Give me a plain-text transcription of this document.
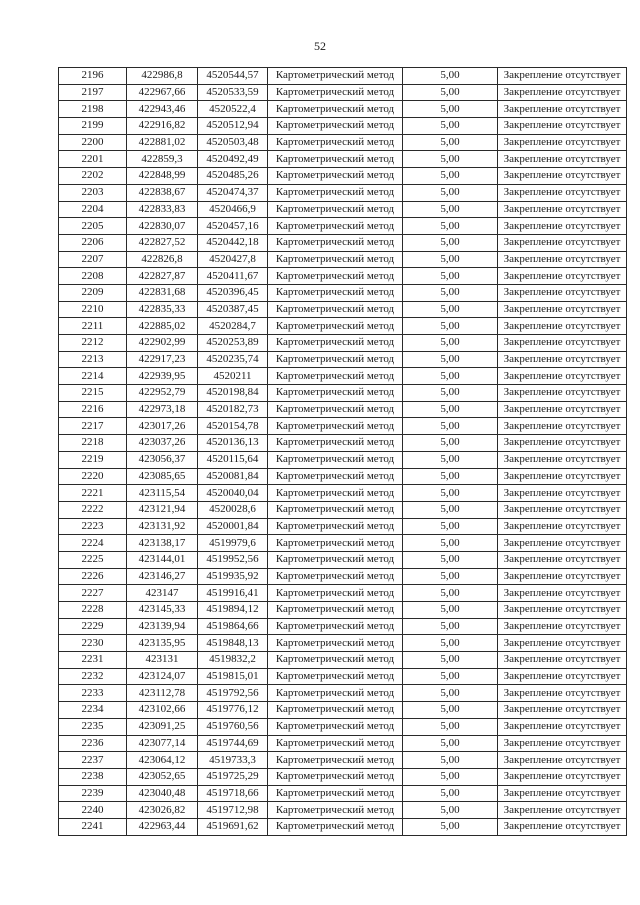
52
2196	422986,8	4520544,57	Картометрический метод	5,00	Закрепление отсутствует
2197	422967,66	4520533,59	Картометрический метод	5,00	Закрепление отсутствует
2198	422943,46	4520522,4	Картометрический метод	5,00	Закрепление отсутствует
2199	422916,82	4520512,94	Картометрический метод	5,00	Закрепление отсутствует
2200	422881,02	4520503,48	Картометрический метод	5,00	Закрепление отсутствует
2201	422859,3	4520492,49	Картометрический метод	5,00	Закрепление отсутствует
2202	422848,99	4520485,26	Картометрический метод	5,00	Закрепление отсутствует
2203	422838,67	4520474,37	Картометрический метод	5,00	Закрепление отсутствует
2204	422833,83	4520466,9	Картометрический метод	5,00	Закрепление отсутствует
2205	422830,07	4520457,16	Картометрический метод	5,00	Закрепление отсутствует
2206	422827,52	4520442,18	Картометрический метод	5,00	Закрепление отсутствует
2207	422826,8	4520427,8	Картометрический метод	5,00	Закрепление отсутствует
2208	422827,87	4520411,67	Картометрический метод	5,00	Закрепление отсутствует
2209	422831,68	4520396,45	Картометрический метод	5,00	Закрепление отсутствует
2210	422835,33	4520387,45	Картометрический метод	5,00	Закрепление отсутствует
2211	422885,02	4520284,7	Картометрический метод	5,00	Закрепление отсутствует
2212	422902,99	4520253,89	Картометрический метод	5,00	Закрепление отсутствует
2213	422917,23	4520235,74	Картометрический метод	5,00	Закрепление отсутствует
2214	422939,95	4520211	Картометрический метод	5,00	Закрепление отсутствует
2215	422952,79	4520198,84	Картометрический метод	5,00	Закрепление отсутствует
2216	422973,18	4520182,73	Картометрический метод	5,00	Закрепление отсутствует
2217	423017,26	4520154,78	Картометрический метод	5,00	Закрепление отсутствует
2218	423037,26	4520136,13	Картометрический метод	5,00	Закрепление отсутствует
2219	423056,37	4520115,64	Картометрический метод	5,00	Закрепление отсутствует
2220	423085,65	4520081,84	Картометрический метод	5,00	Закрепление отсутствует
2221	423115,54	4520040,04	Картометрический метод	5,00	Закрепление отсутствует
2222	423121,94	4520028,6	Картометрический метод	5,00	Закрепление отсутствует
2223	423131,92	4520001,84	Картометрический метод	5,00	Закрепление отсутствует
2224	423138,17	4519979,6	Картометрический метод	5,00	Закрепление отсутствует
2225	423144,01	4519952,56	Картометрический метод	5,00	Закрепление отсутствует
2226	423146,27	4519935,92	Картометрический метод	5,00	Закрепление отсутствует
2227	423147	4519916,41	Картометрический метод	5,00	Закрепление отсутствует
2228	423145,33	4519894,12	Картометрический метод	5,00	Закрепление отсутствует
2229	423139,94	4519864,66	Картометрический метод	5,00	Закрепление отсутствует
2230	423135,95	4519848,13	Картометрический метод	5,00	Закрепление отсутствует
2231	423131	4519832,2	Картометрический метод	5,00	Закрепление отсутствует
2232	423124,07	4519815,01	Картометрический метод	5,00	Закрепление отсутствует
2233	423112,78	4519792,56	Картометрический метод	5,00	Закрепление отсутствует
2234	423102,66	4519776,12	Картометрический метод	5,00	Закрепление отсутствует
2235	423091,25	4519760,56	Картометрический метод	5,00	Закрепление отсутствует
2236	423077,14	4519744,69	Картометрический метод	5,00	Закрепление отсутствует
2237	423064,12	4519733,3	Картометрический метод	5,00	Закрепление отсутствует
2238	423052,65	4519725,29	Картометрический метод	5,00	Закрепление отсутствует
2239	423040,48	4519718,66	Картометрический метод	5,00	Закрепление отсутствует
2240	423026,82	4519712,98	Картометрический метод	5,00	Закрепление отсутствует
2241	422963,44	4519691,62	Картометрический метод	5,00	Закрепление отсутствует
